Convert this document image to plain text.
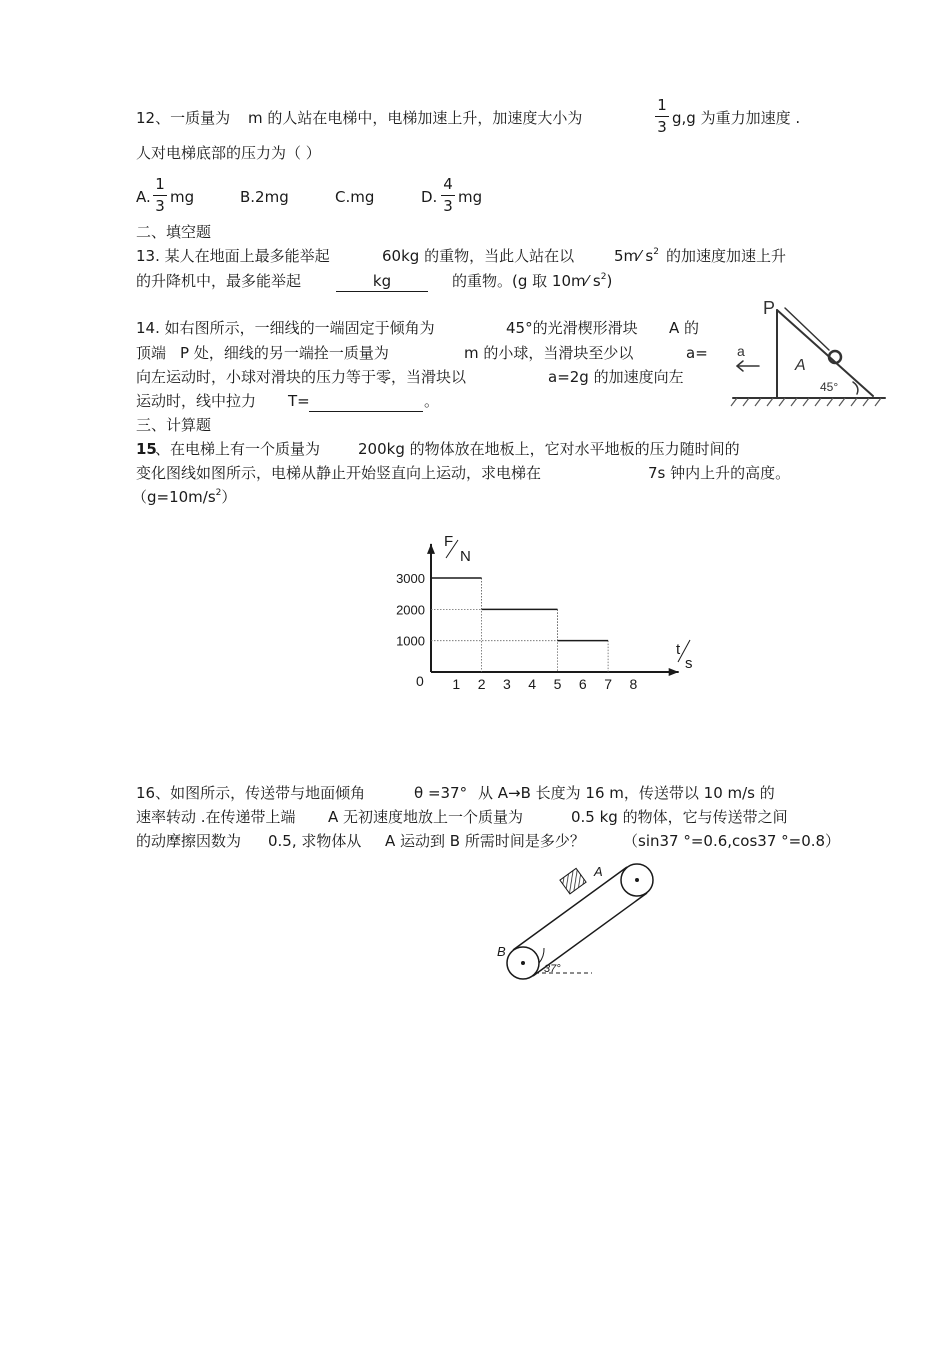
12、一质量为 m 的人站在电梯中，电梯加速上升，加速度大小为
1
3 g,g 为重力加速度 .
人对电梯底部的压力为（ ）
A.
1
3 mg	B.2mg	C.mg	D.
4
3 mg
二、填空题
13. 某人在地面上最多能举起	60kg 的重物，当此人站在以	5m⁄ $s^2$ 的加速度加速上升
的升降机中，最多能举起	kg	的重物。(g 取 10m⁄ $s^2$)
14. 如右图所示，一细线的一端固定于倾角为	45°的光滑楔形滑块 A 的
顶端 P 处，细线的另一端拴一质量为	m 的小球，当滑块至少以	a=
向左运动时，小球对滑块的压力等于零，当滑块以	a=2g 的加速度向左
运动时，线中拉力 T=
	。
P
A
45°
a
三、计算题
15
、在电梯上有一个质量为	200kg 的物体放在地板上，它对水平地板的压力随时间的
变化图线如图所示，电梯从静止开始竖直向上运动，求电梯在	7s 钟内上升的高度。
$(g=10m/s^2)$
1 2 3 4 5 6 7 8
1000
2000
3000
F
N
t
s
0
16、如图所示，传送带与地面倾角	θ =37° 从 A→B 长度为 16 m，传送带以 10 m/s 的
速率转动 .在传递带上端 A 无初速度地放上一个质量为	0.5 kg 的物体，它与传送带之间
的动摩擦因数为 0.5, 求物体从 A 运动到 B 所需时间是多少？	（sin37 °=0.6,cos37 °=0.8）
A
B
37°
